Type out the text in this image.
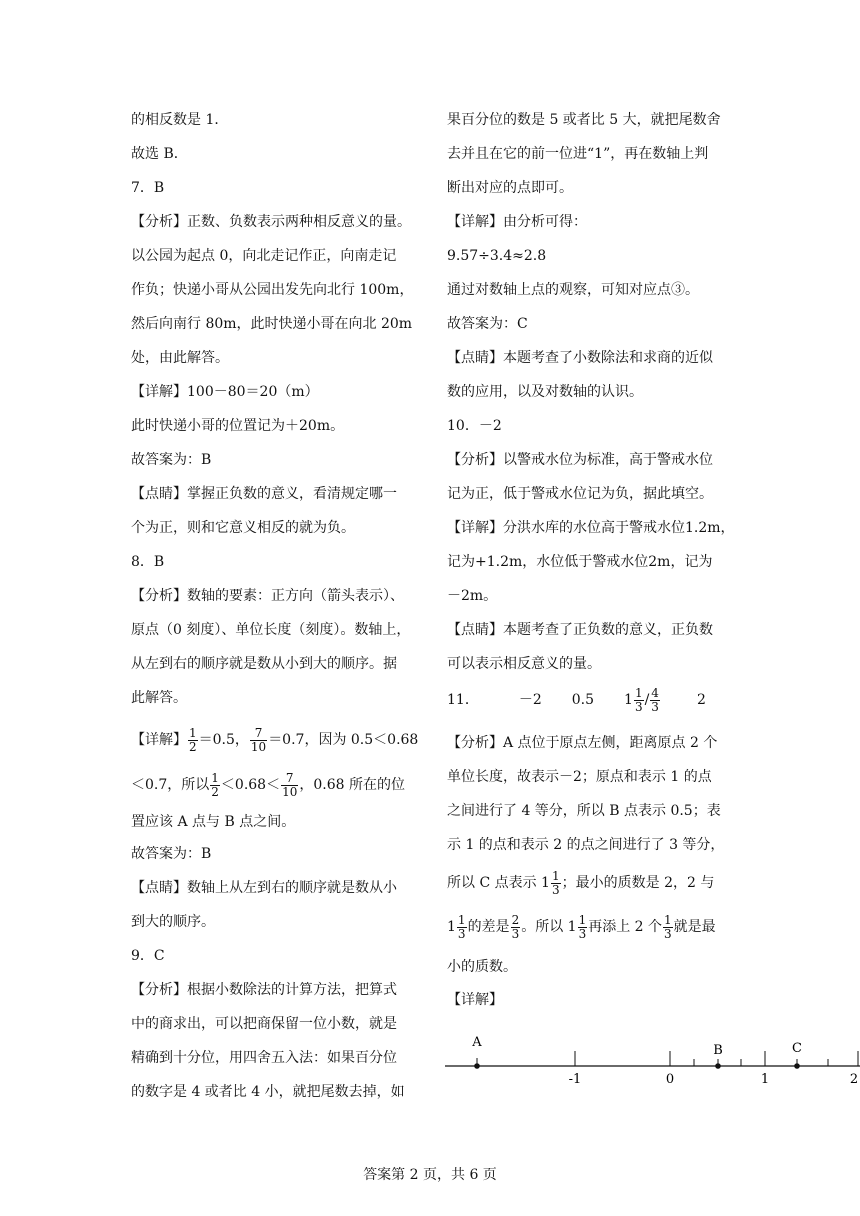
的相反数是 1．
故选 B．
7．B
【分析】正数、负数表示两种相反意义的量。
以公园为起点 0，向北走记作正，向南走记
作负；快递小哥从公园出发先向北行 100m，
然后向南行 80m，此时快递小哥在向北 20m
处，由此解答。
【详解】100－80＝20（m）
此时快递小哥的位置记为＋20m。
故答案为：B
【点睛】掌握正负数的意义，看清规定哪一
个为正，则和它意义相反的就为负。
8．B
【分析】数轴的要素：正方向（箭头表示）、
原点（0 刻度）、单位长度（刻度）。数轴上，
从左到右的顺序就是数从小到大的顺序。据
此解答。
【详解】 $\frac{1}{2} =0.5$， $\frac{7}{10} =0.7$，因为 0.5＜0.68
＜0.7，所以 $\frac{1}{2} <0.68< \frac{7}{10}$ ，0.68 所在的位
置应该 A 点与 B 点之间。
故答案为：B
【点睛】数轴上从左到右的顺序就是数从小
到大的顺序。
9．C
【分析】根据小数除法的计算方法，把算式
中的商求出，可以把商保留一位小数，就是
精确到十分位，用四舍五入法：如果百分位
的数字是 4 或者比 4 小，就把尾数去掉，如
果百分位的数是 5 或者比 5 大，就把尾数舍
去并且在它的前一位进“1”，再在数轴上判
断出对应的点即可。
【详解】由分析可得：
9.57÷3.4≈2.8
通过对数轴上点的观察，可知对应点③。
故答案为：C
【点睛】本题考查了小数除法和求商的近似
数的应用，以及对数轴的认识。
10．－2
【分析】以警戒水位为标准，高于警戒水位
记为正，低于警戒水位记为负，据此填空。
【详解】分洪水库的水位高于警戒水位1.2m，
记为+1.2m，水位低于警戒水位2m，记为
－2m。
【点睛】本题考查了正负数的意义，正负数
可以表示相反意义的量。
11．	－2 0.5 $1 \frac{1}{3} / \frac{4}{3}$	2
【分析】A 点位于原点左侧，距离原点 2 个
单位长度，故表示－2；原点和表示 1 的点
之间进行了 4 等分，所以 B 点表示 0.5；表
示 1 的点和表示 2 的点之间进行了 3 等分，
所以 C 点表示 $1 \frac{1}{3}$ ；最小的质数是 2，2 与
$1 \frac{1}{3}$ 的差是 $\frac{2}{3}$ 。所以 $1 \frac{1}{3}$ 再添上 2 个 $\frac{1}{3}$ 就是最
小的质数。
【详解】
A
B	C
-1	0	1	2
答案第 2 页，共 6 页
